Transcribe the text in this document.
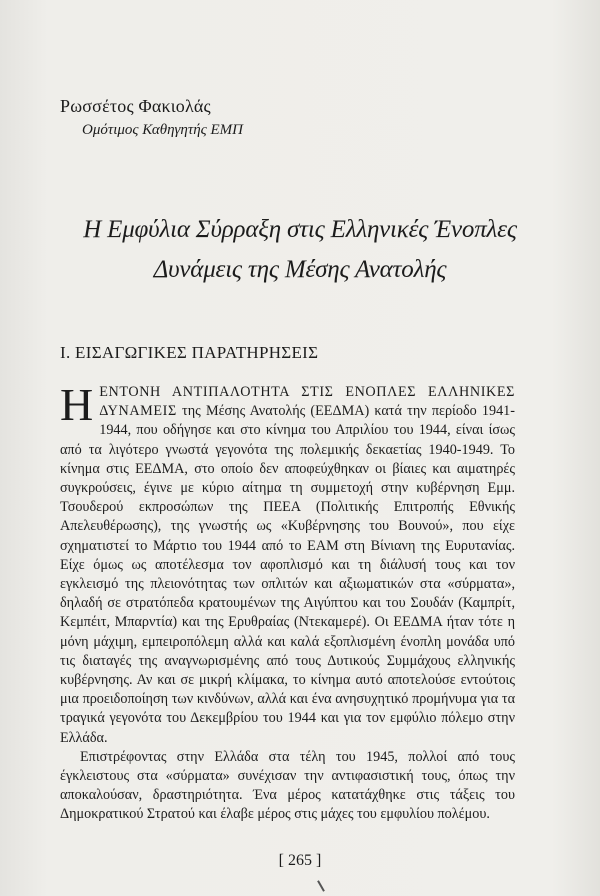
Ρωσσέτος Φακιολάς
Ομότιμος Καθηγητής ΕΜΠ
Η Εμφύλια Σύρραξη στις Ελληνικές Ένοπλες
Δυνάμεις της Μέσης Ανατολής
Ι. ΕΙΣΑΓΩΓΙΚΕΣ ΠΑΡΑΤΗΡΗΣΕΙΣ

ΗΕΝΤΟΝΗ ΑΝΤΙΠΑΛΟΤΗΤΑ ΣΤΙΣ ΕΝΟΠΛΕΣ ΕΛΛΗΝΙΚΕΣ ΔΥΝΑΜΕΙΣ της Μέσης Ανατολής (ΕΕΔΜΑ) κατά την περίοδο 1941-1944, που οδήγησε και στο κίνημα του Απριλίου του 1944, είναι ίσως από τα λιγότερο γνωστά γεγονότα της πολεμικής δεκαετίας 1940-1949. Το κίνημα στις ΕΕΔΜΑ, στο οποίο δεν αποφεύχθηκαν οι βίαιες και αιματηρές συγκρούσεις, έγινε με κύριο αίτημα τη συμμετοχή στην κυβέρνηση Εμμ. Τσουδερού εκπροσώπων της ΠΕΕΑ (Πολιτικής Επιτροπής Εθνικής Απελευθέρωσης), της γνωστής ως «Κυβέρνησης του Βουνού», που είχε σχηματιστεί το Μάρτιο του 1944 από το ΕΑΜ στη Βίνιανη της Ευρυτανίας. Είχε όμως ως αποτέλεσμα τον αφοπλισμό και τη διάλυσή τους και τον εγκλεισμό της πλειονότητας των οπλιτών και αξιωματικών στα «σύρματα», δηλαδή σε στρατόπεδα κρατουμένων της Αιγύπτου και του Σουδάν (Καμπρίτ, Κεμπέιτ, Μπαρντία) και της Ερυθραίας (Ντεκαμερέ). Οι ΕΕΔΜΑ ήταν τότε η μόνη μάχιμη, εμπειροπόλεμη αλλά και καλά εξοπλισμένη ένοπλη μονάδα υπό τις διαταγές της αναγνωρισμένης από τους Δυτικούς Συμμάχους ελληνικής κυβέρνησης. Αν και σε μικρή κλίμακα, το κίνημα αυτό αποτελούσε εντούτοις μια προειδοποίηση των κινδύνων, αλλά και ένα ανησυχητικό προμήνυμα για τα τραγικά γεγονότα του Δεκεμβρίου του 1944 και για τον εμφύλιο πόλεμο στην Ελλάδα.

Επιστρέφοντας στην Ελλάδα στα τέλη του 1945, πολλοί από τους έγκλειστους στα «σύρματα» συνέχισαν την αντιφασιστική τους, όπως την αποκαλούσαν, δραστηριότητα. Ένα μέρος κατατάχθηκε στις τάξεις του Δημοκρατικού Στρατού και έλαβε μέρος στις μάχες του εμφυλίου πολέμου.

[ 265 ]
